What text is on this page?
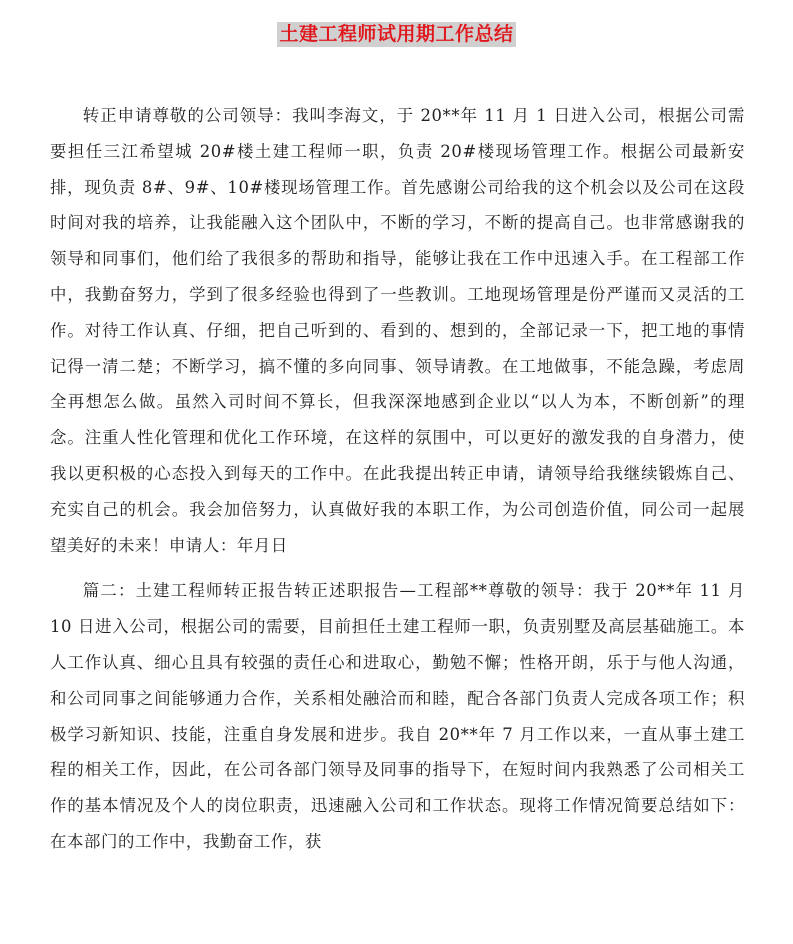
土建工程师试用期工作总结

转正申请尊敬的公司领导：我叫李海文，于 20**年 11 月 1 日进入公司，根据公司需要担任三江希望城 20#楼土建工程师一职，负责 20#楼现场管理工作。根据公司最新安排，现负责 8#、9#、10#楼现场管理工作。首先感谢公司给我的这个机会以及公司在这段时间对我的培养，让我能融入这个团队中，不断的学习，不断的提高自己。也非常感谢我的领导和同事们，他们给了我很多的帮助和指导，能够让我在工作中迅速入手。在工程部工作中，我勤奋努力，学到了很多经验也得到了一些教训。工地现场管理是份严谨而又灵活的工作。对待工作认真、仔细，把自己听到的、看到的、想到的，全部记录一下，把工地的事情记得一清二楚；不断学习，搞不懂的多向同事、领导请教。在工地做事，不能急躁，考虑周全再想怎么做。虽然入司时间不算长，但我深深地感到企业以“以人为本，不断创新”的理念。注重人性化管理和优化工作环境，在这样的氛围中，可以更好的激发我的自身潜力，使我以更积极的心态投入到每天的工作中。在此我提出转正申请，请领导给我继续锻炼自己、充实自己的机会。我会加倍努力，认真做好我的本职工作，为公司创造价值，同公司一起展望美好的未来！申请人：年月日

篇二：土建工程师转正报告转正述职报告—工程部**尊敬的领导：我于 20**年 11 月 10 日进入公司，根据公司的需要，目前担任土建工程师一职，负责别墅及高层基础施工。本人工作认真、细心且具有较强的责任心和进取心，勤勉不懈；性格开朗，乐于与他人沟通，和公司同事之间能够通力合作，关系相处融洽而和睦，配合各部门负责人完成各项工作；积极学习新知识、技能，注重自身发展和进步。我自 20**年 7 月工作以来，一直从事土建工程的相关工作，因此，在公司各部门领导及同事的指导下，在短时间内我熟悉了公司相关工作的基本情况及个人的岗位职责，迅速融入公司和工作状态。现将工作情况简要总结如下：在本部门的工作中，我勤奋工作，获
